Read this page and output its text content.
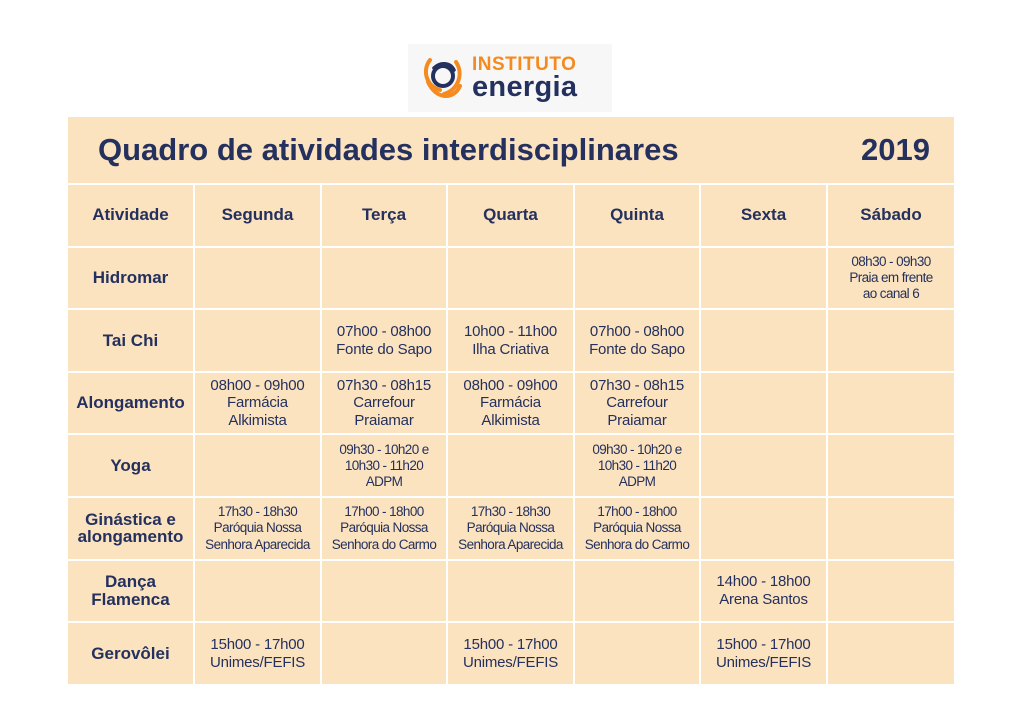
INSTITUTO
energia
Quadro de atividades interdisciplinares	2019
Atividade	Segunda	Terça	Quarta	Quinta	Sexta	Sábado
Hidromar						08h30 - 09h30
Praia em frente
ao canal 6
Tai Chi		07h00 - 08h00
Fonte do Sapo	10h00 - 11h00
Ilha Criativa	07h00 - 08h00
Fonte do Sapo		
Alongamento	08h00 - 09h00
Farmácia
Alkimista	07h30 - 08h15
Carrefour
Praiamar	08h00 - 09h00
Farmácia
Alkimista	07h30 - 08h15
Carrefour
Praiamar		
Yoga		09h30 - 10h20 e
10h30 - 11h20
ADPM		09h30 - 10h20 e
10h30 - 11h20
ADPM		
Ginástica e alongamento	17h30 - 18h30
Paróquia Nossa
Senhora Aparecida	17h00 - 18h00
Paróquia Nossa
Senhora do Carmo	17h30 - 18h30
Paróquia Nossa
Senhora Aparecida	17h00 - 18h00
Paróquia Nossa
Senhora do Carmo		
Dança Flamenca					14h00 - 18h00
Arena Santos	
Gerovôlei	15h00 - 17h00
Unimes/FEFIS		15h00 - 17h00
Unimes/FEFIS		15h00 - 17h00
Unimes/FEFIS	
